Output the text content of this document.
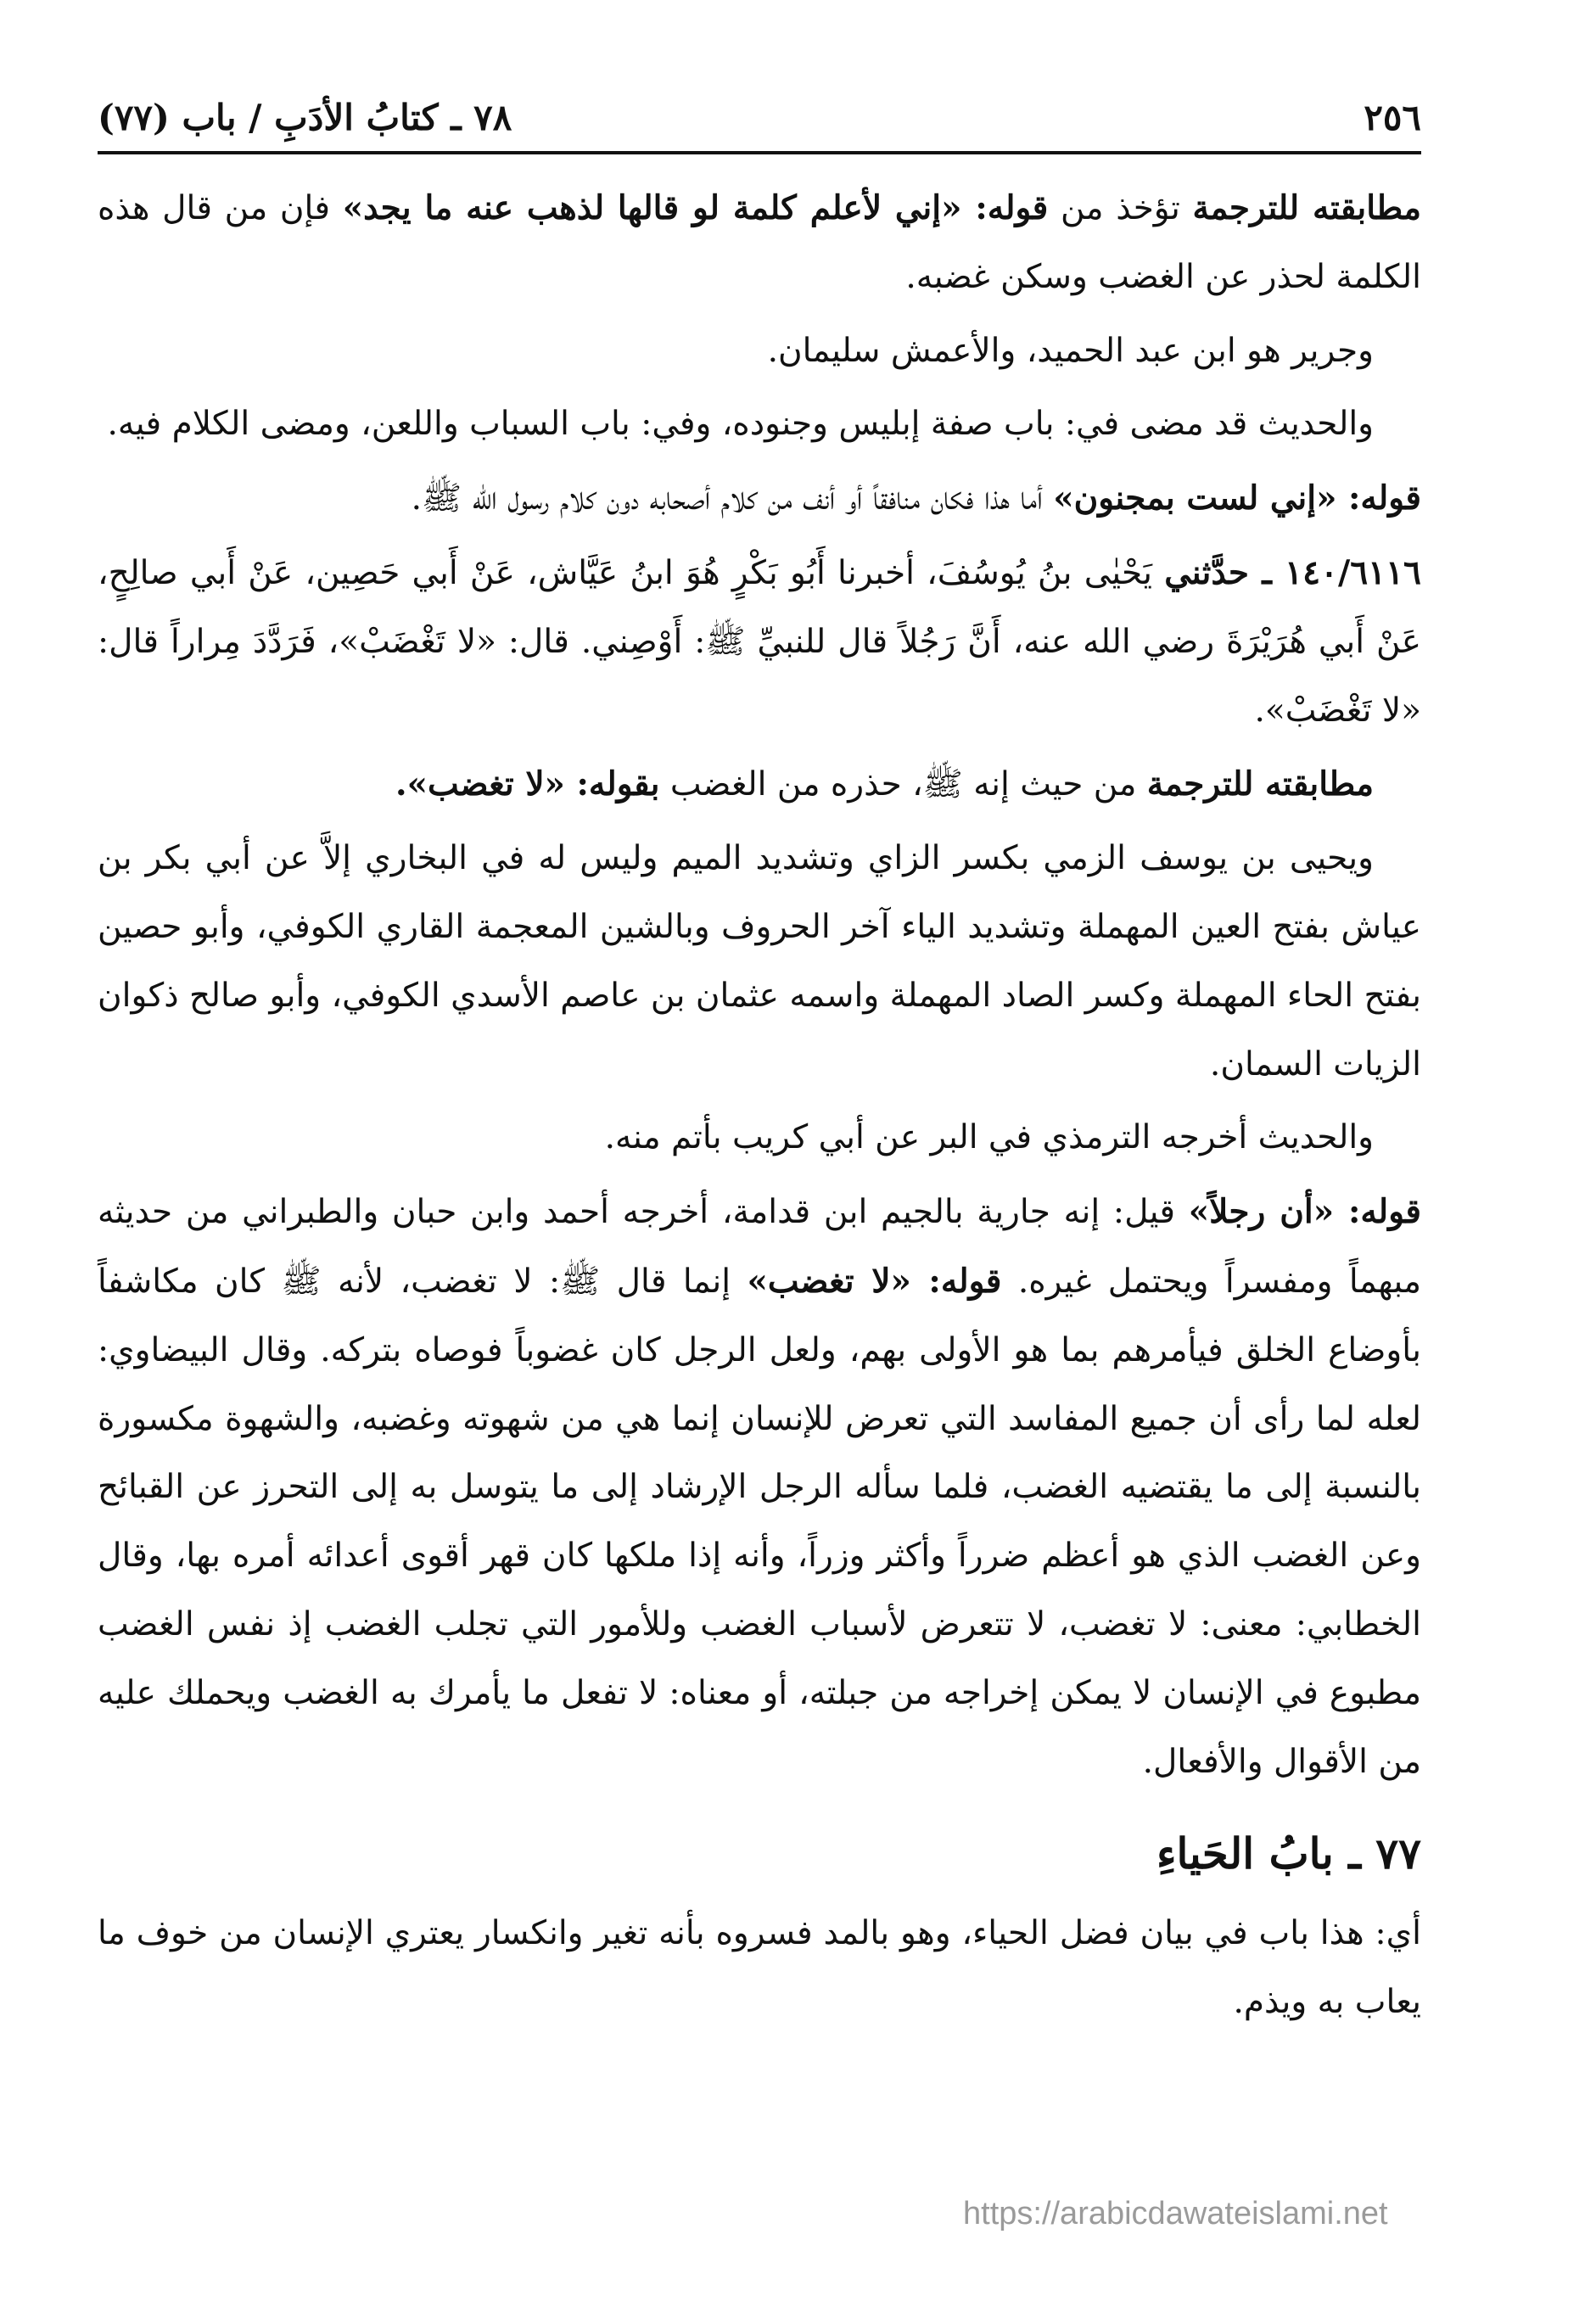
٢٥٦
٧٨ ـ كتابُ الأدَبِ / باب (٧٧)

مطابقته للترجمة تؤخذ من قوله: «إني لأعلم كلمة لو قالها لذهب عنه ما يجد» فإن من قال هذه الكلمة لحذر عن الغضب وسكن غضبه.

وجرير هو ابن عبد الحميد، والأعمش سليمان.

والحديث قد مضى في: باب صفة إبليس وجنوده، وفي: باب السباب واللعن، ومضى الكلام فيه.

قوله: «إني لست بمجنون» أما هذا فكان منافقاً أو أنف من كلام أصحابه دون كلام رسول الله ﷺ.

١٤٠/٦١١٦ ـ حدَّثني يَحْيٰى بنُ يُوسُفَ، أخبرنا أَبُو بَكْرٍ هُوَ ابنُ عَيَّاش، عَنْ أَبي حَصِين، عَنْ أَبي صالِحٍ، عَنْ أَبي هُرَيْرَةَ رضي الله عنه، أَنَّ رَجُلاً قال للنبيِّ ﷺ: أَوْصِني. قال: «لا تَغْضَبْ»، فَرَدَّدَ مِراراً قال: «لا تَغْضَبْ».

مطابقته للترجمة من حيث إنه ﷺ، حذره من الغضب بقوله: «لا تغضب».

ويحيى بن يوسف الزمي بكسر الزاي وتشديد الميم وليس له في البخاري إلاَّ عن أبي بكر بن عياش بفتح العين المهملة وتشديد الياء آخر الحروف وبالشين المعجمة القاري الكوفي، وأبو حصين بفتح الحاء المهملة وكسر الصاد المهملة واسمه عثمان بن عاصم الأسدي الكوفي، وأبو صالح ذكوان الزيات السمان.

والحديث أخرجه الترمذي في البر عن أبي كريب بأتم منه.

قوله: «أن رجلاً» قيل: إنه جارية بالجيم ابن قدامة، أخرجه أحمد وابن حبان والطبراني من حديثه مبهماً ومفسراً ويحتمل غيره. قوله: «لا تغضب» إنما قال ﷺ: لا تغضب، لأنه ﷺ كان مكاشفاً بأوضاع الخلق فيأمرهم بما هو الأولى بهم، ولعل الرجل كان غضوباً فوصاه بتركه. وقال البيضاوي: لعله لما رأى أن جميع المفاسد التي تعرض للإنسان إنما هي من شهوته وغضبه، والشهوة مكسورة بالنسبة إلى ما يقتضيه الغضب، فلما سأله الرجل الإرشاد إلى ما يتوسل به إلى التحرز عن القبائح وعن الغضب الذي هو أعظم ضرراً وأكثر وزراً، وأنه إذا ملكها كان قهر أقوى أعدائه أمره بها، وقال الخطابي: معنى: لا تغضب، لا تتعرض لأسباب الغضب وللأمور التي تجلب الغضب إذ نفس الغضب مطبوع في الإنسان لا يمكن إخراجه من جبلته، أو معناه: لا تفعل ما يأمرك به الغضب ويحملك عليه من الأقوال والأفعال.

٧٧ ـ بابُ الحَياءِ

أي: هذا باب في بيان فضل الحياء، وهو بالمد فسروه بأنه تغير وانكسار يعتري الإنسان من خوف ما يعاب به ويذم.

https://arabicdawateislami.net
